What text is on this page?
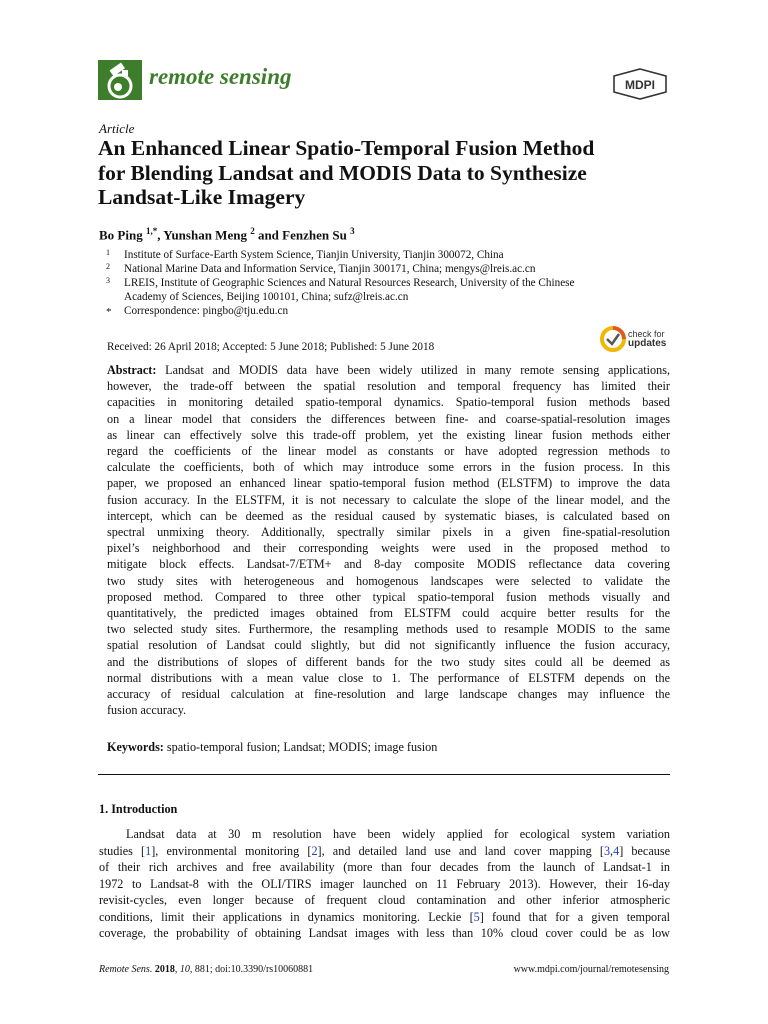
remote sensing	MDPI
Article
An Enhanced Linear Spatio-Temporal Fusion Method
for Blending Landsat and MODIS Data to Synthesize
Landsat-Like Imagery
Bo Ping $^{1,*}$, Yunshan Meng $^2$ and Fenzhen Su $^3$
1 Institute of Surface-Earth System Science, Tianjin University, Tianjin 300072, China
2 National Marine Data and Information Service, Tianjin 300171, China; mengys@lreis.ac.cn
3 LREIS, Institute of Geographic Sciences and Natural Resources Research, University of the Chinese
Academy of Sciences, Beijing 100101, China; sufz@lreis.ac.cn
* Correspondence: pingbo@tju.edu.cn
Received: 26 April 2018; Accepted: 5 June 2018; Published: 5 June 2018
check for
updates
Abstract: Landsat and MODIS data have been widely utilized in many remote sensing applications,
however, the trade-off between the spatial resolution and temporal frequency has limited their
capacities in monitoring detailed spatio-temporal dynamics. Spatio-temporal fusion methods based
on a linear model that considers the differences between fine- and coarse-spatial-resolution images
as linear can effectively solve this trade-off problem, yet the existing linear fusion methods either
regard the coefficients of the linear model as constants or have adopted regression methods to
calculate the coefficients, both of which may introduce some errors in the fusion process. In this
paper, we proposed an enhanced linear spatio-temporal fusion method (ELSTFM) to improve the data
fusion accuracy. In the ELSTFM, it is not necessary to calculate the slope of the linear model, and the
intercept, which can be deemed as the residual caused by systematic biases, is calculated based on
spectral unmixing theory. Additionally, spectrally similar pixels in a given fine-spatial-resolution
pixel’s neighborhood and their corresponding weights were used in the proposed method to
mitigate block effects. Landsat-7/ETM+ and 8-day composite MODIS reflectance data covering
two study sites with heterogeneous and homogenous landscapes were selected to validate the
proposed method. Compared to three other typical spatio-temporal fusion methods visually and
quantitatively, the predicted images obtained from ELSTFM could acquire better results for the
two selected study sites. Furthermore, the resampling methods used to resample MODIS to the same
spatial resolution of Landsat could slightly, but did not significantly influence the fusion accuracy,
and the distributions of slopes of different bands for the two study sites could all be deemed as
normal distributions with a mean value close to 1. The performance of ELSTFM depends on the
accuracy of residual calculation at fine-resolution and large landscape changes may influence the
fusion accuracy.
Keywords: spatio-temporal fusion; Landsat; MODIS; image fusion
1. Introduction
Landsat data at 30 m resolution have been widely applied for ecological system variation
studies [1], environmental monitoring [2], and detailed land use and land cover mapping [3,4] because
of their rich archives and free availability (more than four decades from the launch of Landsat-1 in
1972 to Landsat-8 with the OLI/TIRS imager launched on 11 February 2013). However, their 16-day
revisit-cycles, even longer because of frequent cloud contamination and other inferior atmospheric
conditions, limit their applications in dynamics monitoring. Leckie [5] found that for a given temporal
coverage, the probability of obtaining Landsat images with less than 10% cloud cover could be as low
Remote Sens. 2018, 10, 881; doi:10.3390/rs10060881	www.mdpi.com/journal/remotesensing
